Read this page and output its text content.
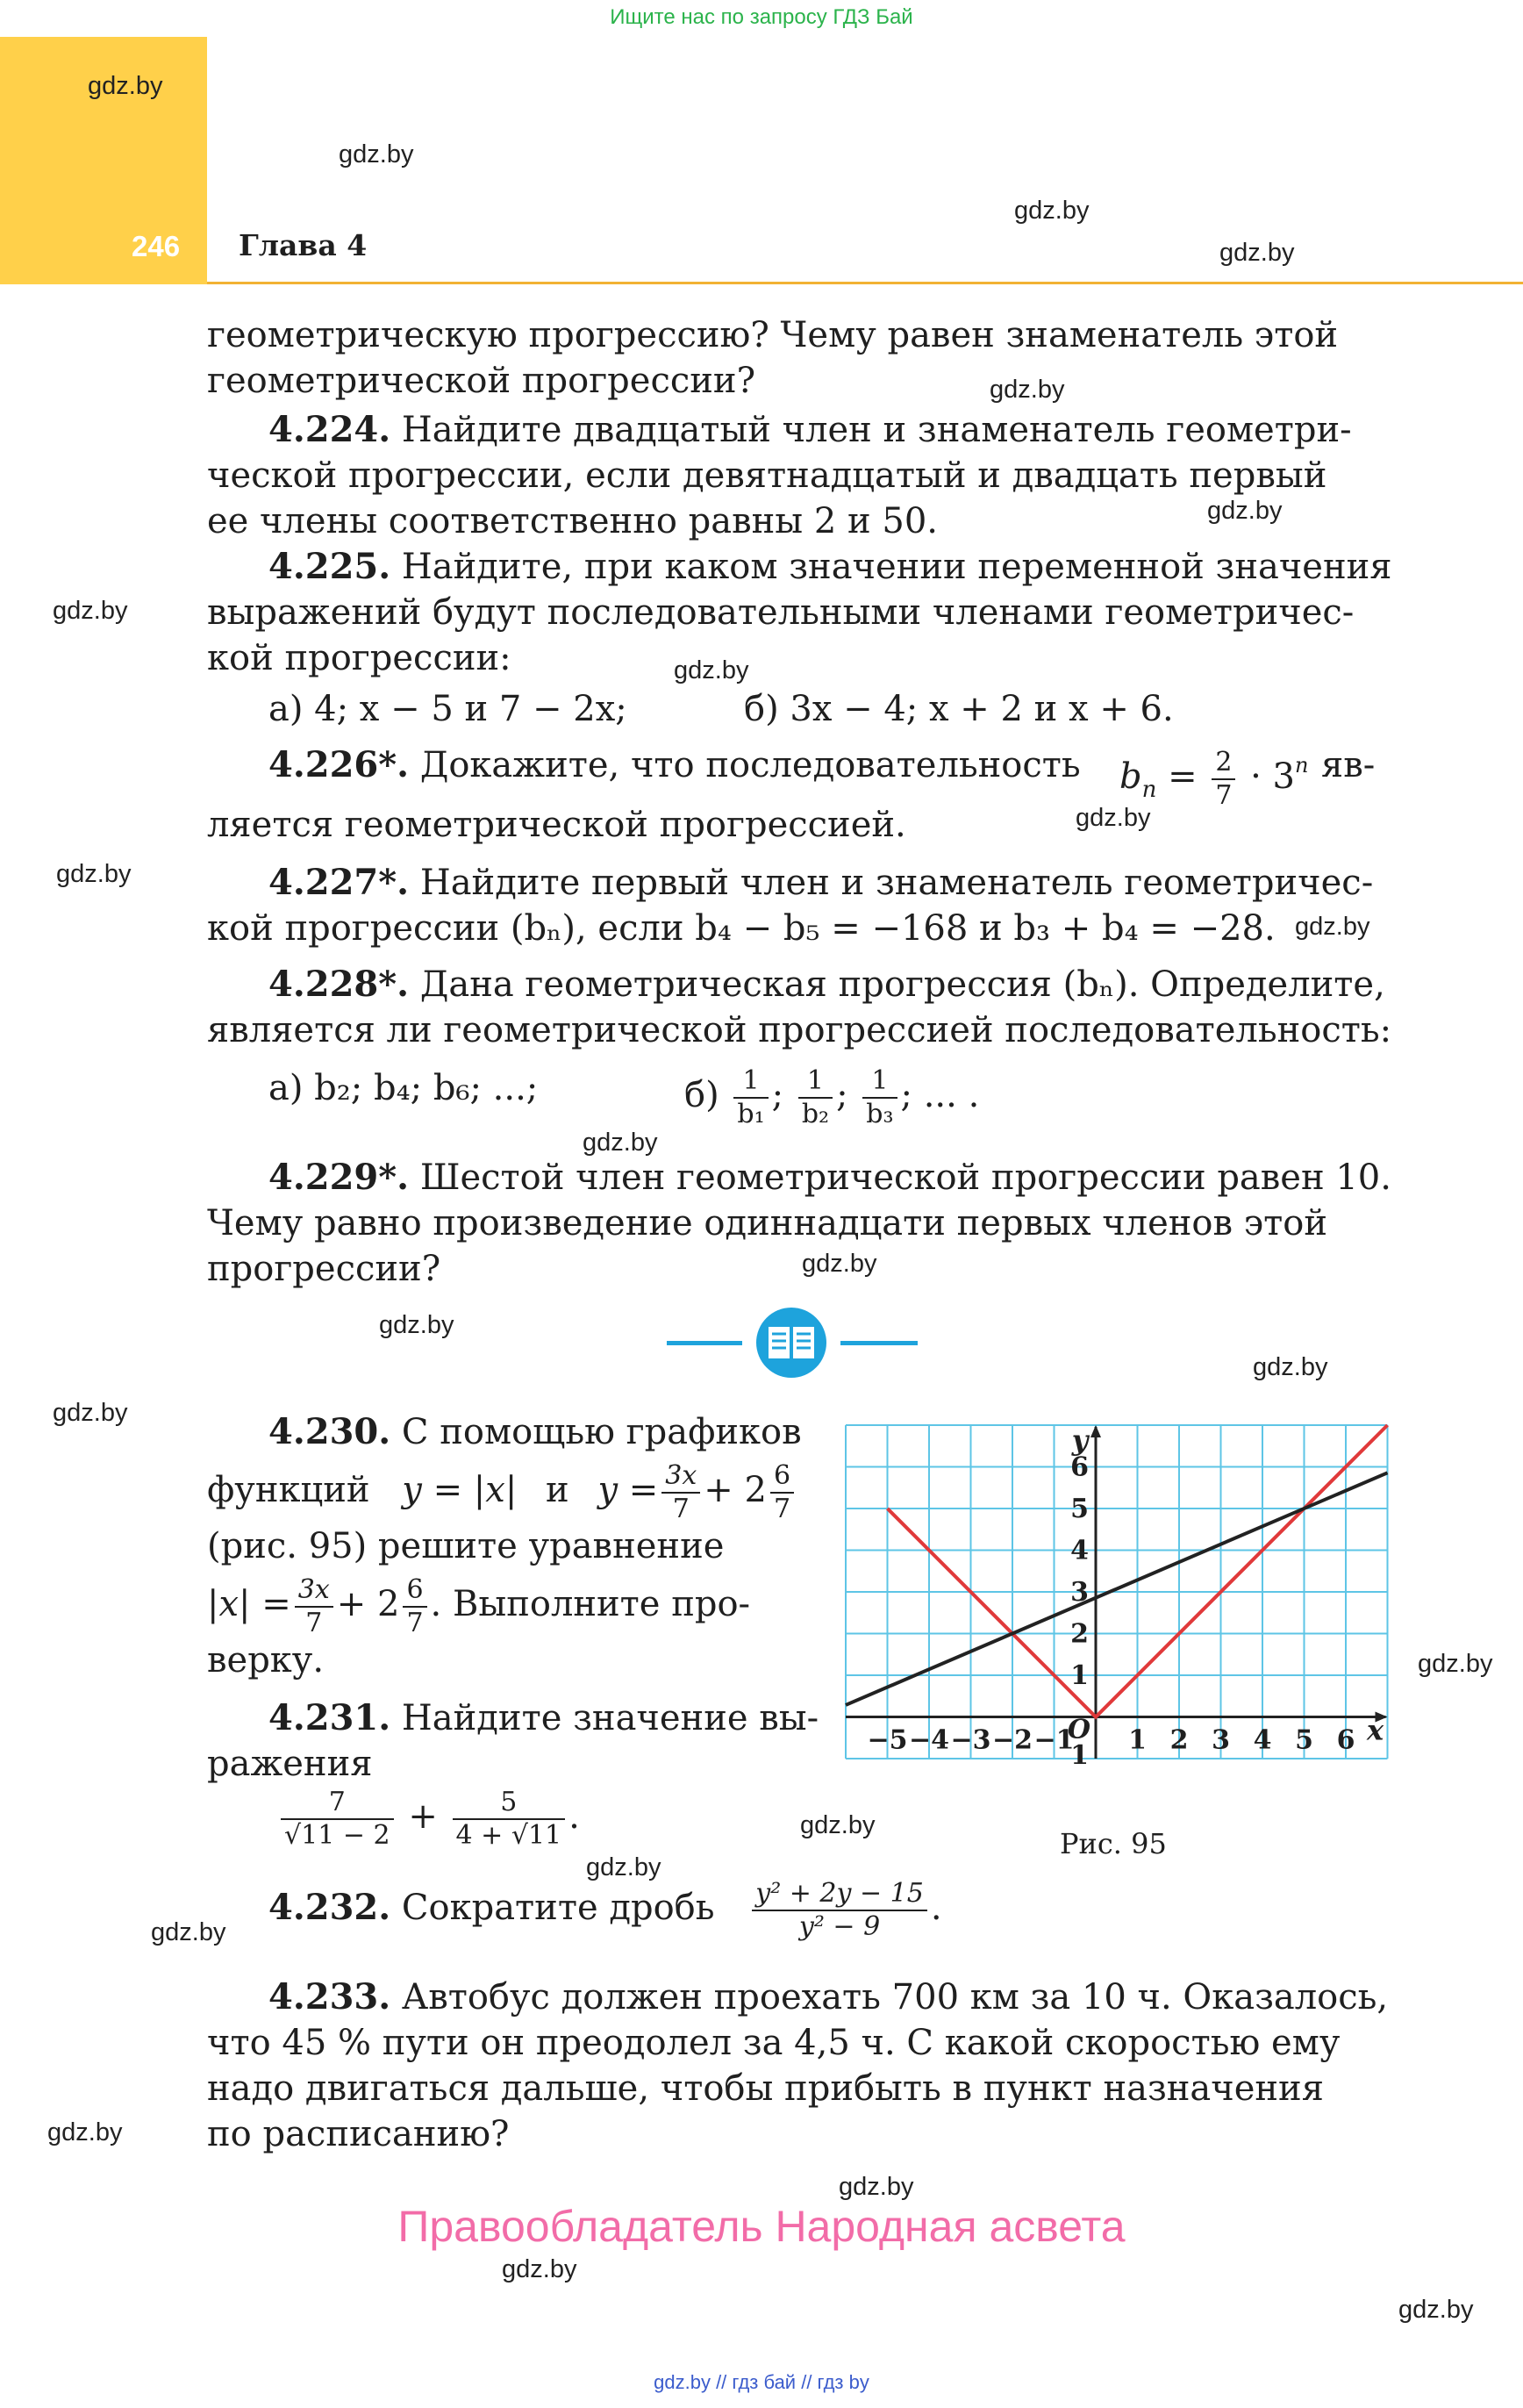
Ищите нас по запросу ГДЗ Бай
246 Глава 4
gdz.by
gdz.by
gdz.by
gdz.by
gdz.by
gdz.by
gdz.by
gdz.by
gdz.by
gdz.by
gdz.by
gdz.by
gdz.by
gdz.by
gdz.by
gdz.by
gdz.by
gdz.by
gdz.by
gdz.by
gdz.by
gdz.by
gdz.by
gdz.by
геометрическую прогрессию? Чему равен знаменатель этой
геометрической прогрессии?
4.224. Найдите двадцатый член и знаменатель геометри-
ческой прогрессии, если девятнадцатый и двадцать первый
ее члены соответственно равны 2 и 50.
4.225. Найдите, при каком значении переменной значения
выражений будут последовательными членами геометричес-
кой прогрессии:
а) 4; x − 5 и 7 − 2x;	б) 3x − 4; x + 2 и x + 6.
4.226*. Докажите, что последовательность $b_n = \frac{2}{7} \cdot 3^n$ яв-
ляется геометрической прогрессией.
4.227*. Найдите первый член и знаменатель геометричес-
кой прогрессии (bₙ), если b₄ − b₅ = −168 и b₃ + b₄ = −28.
4.228*. Дана геометрическая прогрессия (bₙ). Определите,
является ли геометрической прогрессией последовательность:
а) b₂; b₄; b₆; ...;	$б) \frac{1}{\text{b₁}}$ ; $\frac{1}{\text{b₂}}$ ; $\frac{1}{\text{b₃}}$ ; ... .
4.229*. Шестой член геометрической прогрессии равен 10.
Чему равно произведение одиннадцати первых членов этой
прогрессии?
4.230. С помощью графиков
функций y = |x| и $y = \frac{3x}{7} + 2 \frac{6}{7}$
(рис. 95) решите уравнение
$|x| = \frac{3x}{7} + 2 \frac{6}{7}$ . Выполните про-
верку.
4.231. Найдите значение вы-
ражения
$\frac{7}{√11 - 2} + \frac{5}{4 + √11}$ .
4.232. Сократите дробь $\frac{\text{y² + 2y − 15}}{\text{y² − 9}}$ .
4.233. Автобус должен проехать 700 км за 10 ч. Оказалось,
что 45 % пути он преодолел за 4,5 ч. С какой скоростью ему
надо двигаться дальше, чтобы прибыть в пункт назначения
по расписанию?
−5 −4 −3 −2 −1 1 2 3 4 5 6
1
2
3
4
5
6
O
1
x
y
Рис. 95
Правообладатель Народная асвета
gdz.by // гдз бай // гдз by
